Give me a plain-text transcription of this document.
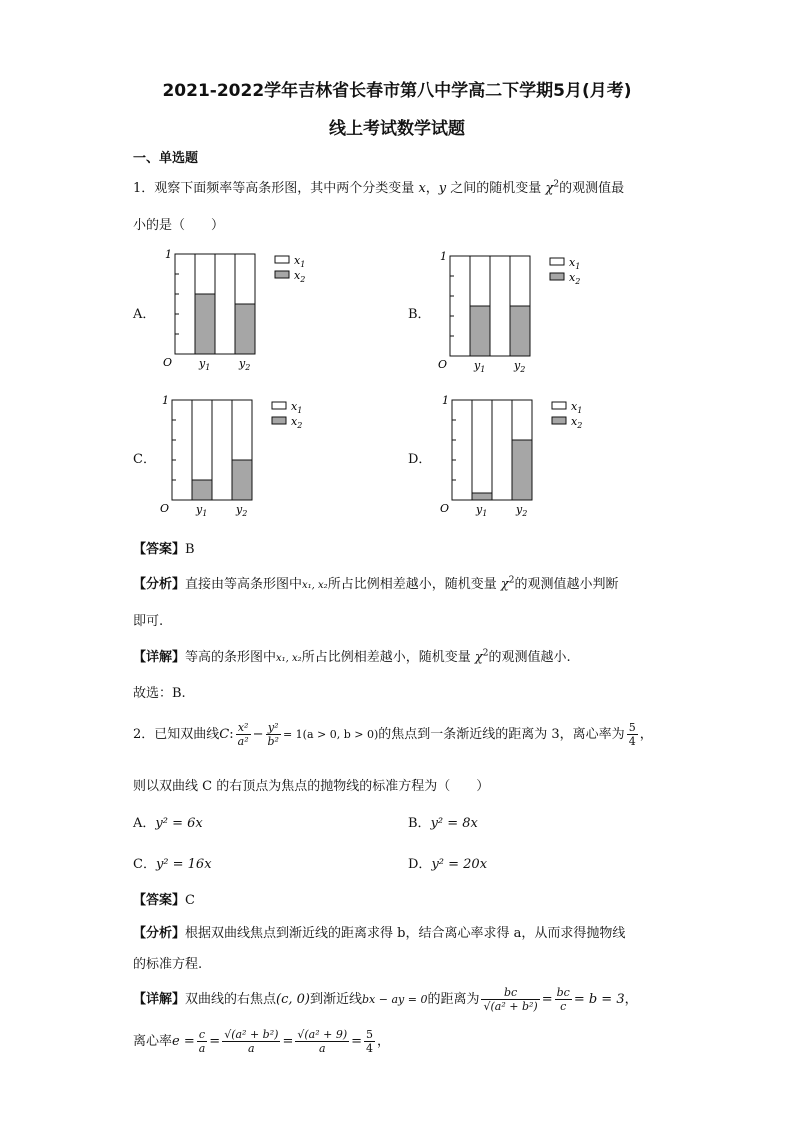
2021-2022学年吉林省长春市第八中学高二下学期5月(月考)
线上考试数学试题
一、单选题
1．观察下面频率等高条形图，其中两个分类变量 x，y 之间的随机变量 $\chi^2$的观测值最
小的是（　　）
A．	B．
C．	D．
1
O $y_1$	$y_2$
$x_1$
$x_2$
1
O $y_1$	$y_2$
$x_1$
$x_2$
1
O $y_1$	$y_2$
$x_1$
$x_2$
1
O $y_1$	$y_2$
$x_1$
$x_2$
【答案】B
【分析】直接由等高条形图中x₁, x₂所占比例相差越小，随机变量 $\chi^2$的观测值越小判断
即可.
【详解】等高的条形图中x₁, x₂所占比例相差越小，随机变量 $\chi^2$的观测值越小.
故选：B.
2．已知双曲线C: $\frac{\text{x²}}{\text{a²}} - \frac{\text{y²}}{\text{b²}} = 1(a > 0$, b > 0)的焦点到一条渐近线的距离为 3，离心率为 $\frac{5}{4}$ ，
则以双曲线 C 的右顶点为焦点的抛物线的标准方程为（　　）
A．y² = 6x	B．y² = 8x
C．y² = 16x	D．y² = 20x
【答案】C
【分析】根据双曲线焦点到渐近线的距离求得 b，结合离心率求得 a，从而求得抛物线
的标准方程.
【详解】双曲线的右焦点(c, 0)到渐近线bx − ay = 0的距离为 $\frac{bc}{\text{√(a² + b²)}} = \frac{bc}{c} = b = 3$，
离心率$e = \frac{c}{a} = \frac{\text{√(a² + b²)}}{a} = \frac{\text{√(a² + 9)}}{a} = \frac{5}{4}$ ，
